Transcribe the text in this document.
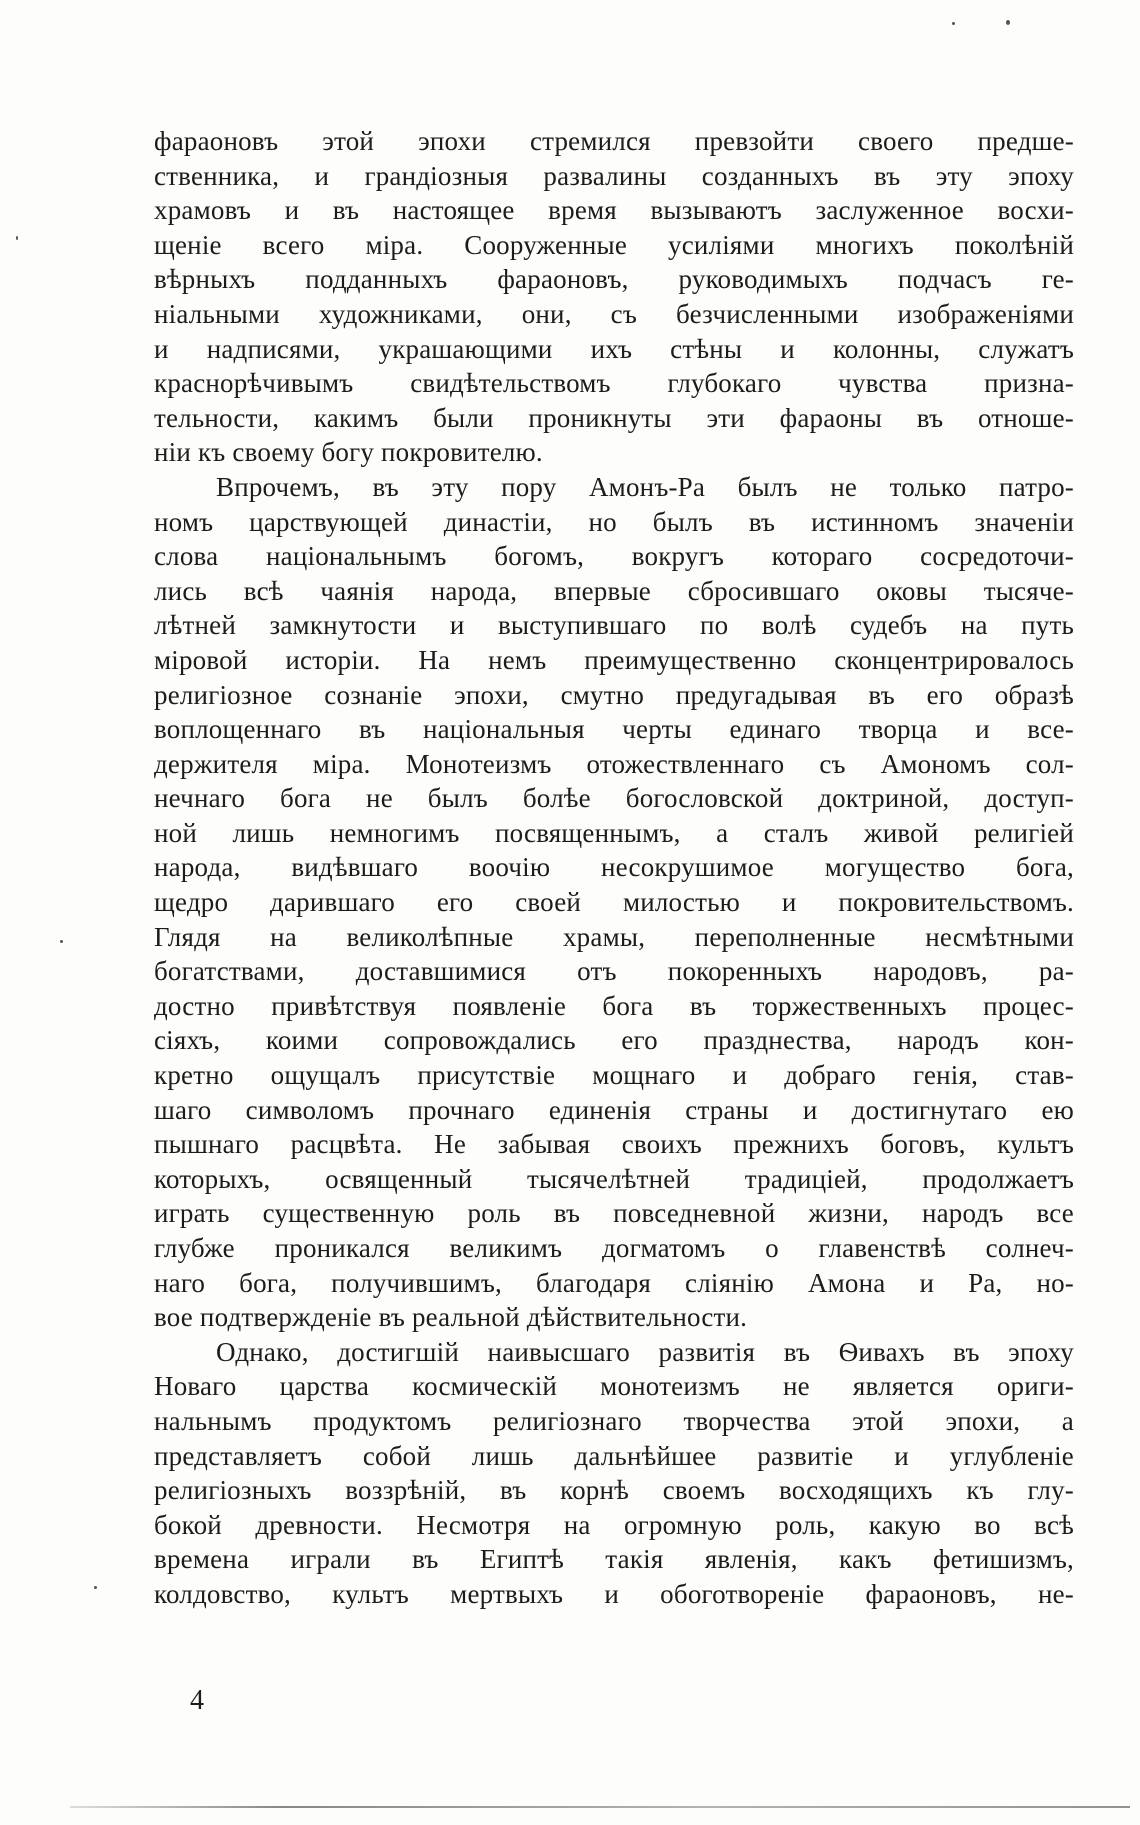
фараоновъ этой эпохи стремился превзойти своего предше-
ственника, и грандіозныя развалины созданныхъ въ эту эпоху
храмовъ и въ настоящее время вызываютъ заслуженное восхи-
щеніе всего міра. Сооруженные усиліями многихъ поколѣній
вѣрныхъ подданныхъ фараоновъ, руководимыхъ подчасъ ге-
ніальными художниками, они, съ безчисленными изображеніями
и надписями, украшающими ихъ стѣны и колонны, служатъ
краснорѣчивымъ свидѣтельствомъ глубокаго чувства призна-
тельности, какимъ были проникнуты эти фараоны въ отноше-
ніи къ своему богу покровителю.
Впрочемъ, въ эту пору Амонъ-Ра былъ не только патро-
номъ царствующей династіи, но былъ въ истинномъ значеніи
слова національнымъ богомъ, вокругъ котораго сосредоточи-
лись всѣ чаянія народа, впервые сбросившаго оковы тысяче-
лѣтней замкнутости и выступившаго по волѣ судебъ на путь
міровой исторіи. На немъ преимущественно сконцентрировалось
религіозное сознаніе эпохи, смутно предугадывая въ его образѣ
воплощеннаго въ національныя черты единаго творца и все-
держителя міра. Монотеизмъ отожествленнаго съ Амономъ сол-
нечнаго бога не былъ болѣе богословской доктриной, доступ-
ной лишь немногимъ посвященнымъ, а сталъ живой религіей
народа, видѣвшаго воочію несокрушимое могущество бога,
щедро дарившаго его своей милостью и покровительствомъ.
Глядя на великолѣпные храмы, переполненные несмѣтными
богатствами, доставшимися отъ покоренныхъ народовъ, ра-
достно привѣтствуя появленіе бога въ торжественныхъ процес-
сіяхъ, коими сопровождались его празднества, народъ кон-
кретно ощущалъ присутствіе мощнаго и добраго генія, став-
шаго символомъ прочнаго единенія страны и достигнутаго ею
пышнаго расцвѣта. Не забывая своихъ прежнихъ боговъ, культъ
которыхъ, освященный тысячелѣтней традиціей, продолжаетъ
играть существенную роль въ повседневной жизни, народъ все
глубже проникался великимъ догматомъ о главенствѣ солнеч-
наго бога, получившимъ, благодаря сліянію Амона и Ра, но-
вое подтвержденіе въ реальной дѣйствительности.
Однако, достигшій наивысшаго развитія въ Ѳивахъ въ эпоху
Новаго царства космическій монотеизмъ не является ориги-
нальнымъ продуктомъ религіознаго творчества этой эпохи, а
представляетъ собой лишь дальнѣйшее развитіе и углубленіе
религіозныхъ воззрѣній, въ корнѣ своемъ восходящихъ къ глу-
бокой древности. Несмотря на огромную роль, какую во всѣ
времена играли въ Египтѣ такія явленія, какъ фетишизмъ,
колдовство, культъ мертвыхъ и обоготвореніе фараоновъ, не-
4
